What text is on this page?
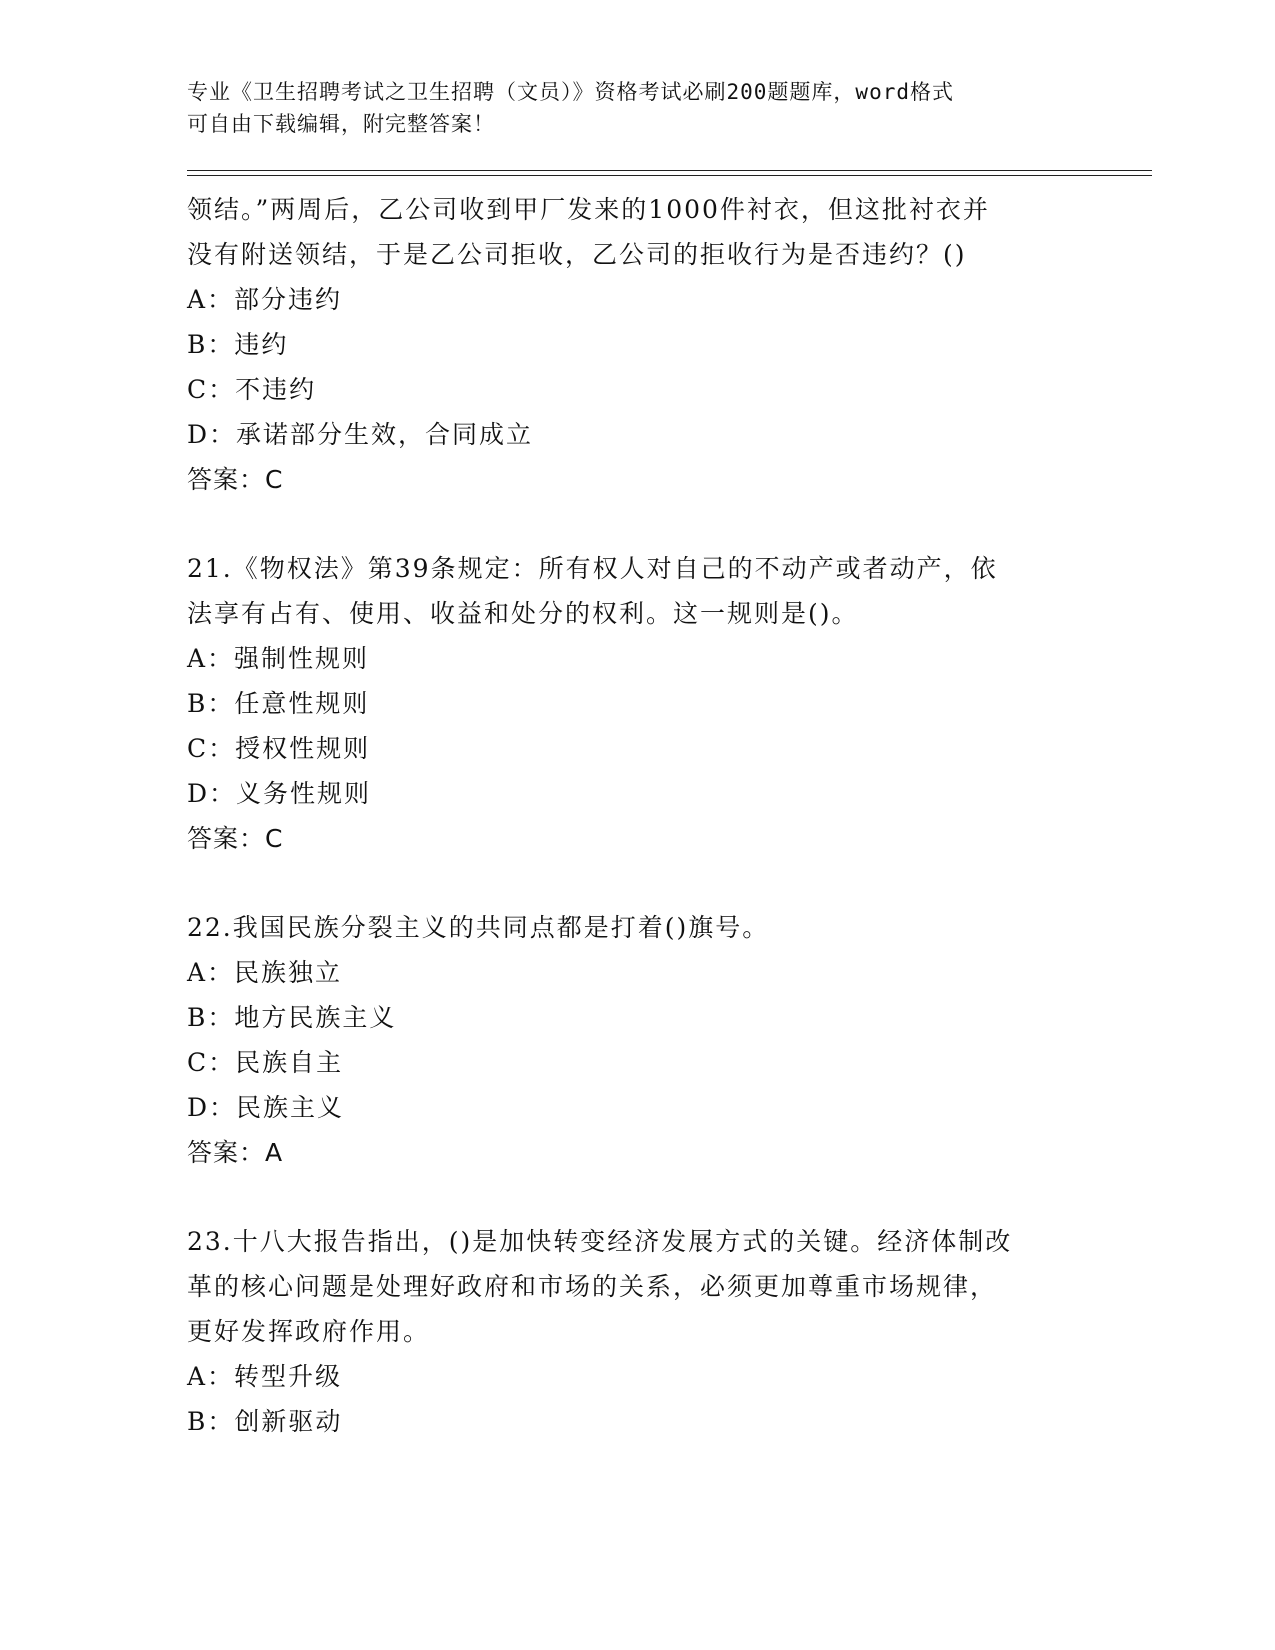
专业《卫生招聘考试之卫生招聘（文员）》资格考试必刷200题题库，word格式
可自由下载编辑，附完整答案！
领结。”两周后，乙公司收到甲厂发来的1000件衬衣，但这批衬衣并
没有附送领结，于是乙公司拒收，乙公司的拒收行为是否违约？()
A：部分违约
B：违约
C：不违约
D：承诺部分生效，合同成立
答案：C
21.《物权法》第39条规定：所有权人对自己的不动产或者动产，依
法享有占有、使用、收益和处分的权利。这一规则是()。
A：强制性规则
B：任意性规则
C：授权性规则
D：义务性规则
答案：C
22.我国民族分裂主义的共同点都是打着()旗号。
A：民族独立
B：地方民族主义
C：民族自主
D：民族主义
答案：A
23.十八大报告指出，()是加快转变经济发展方式的关键。经济体制改
革的核心问题是处理好政府和市场的关系，必须更加尊重市场规律，
更好发挥政府作用。
A：转型升级
B：创新驱动
